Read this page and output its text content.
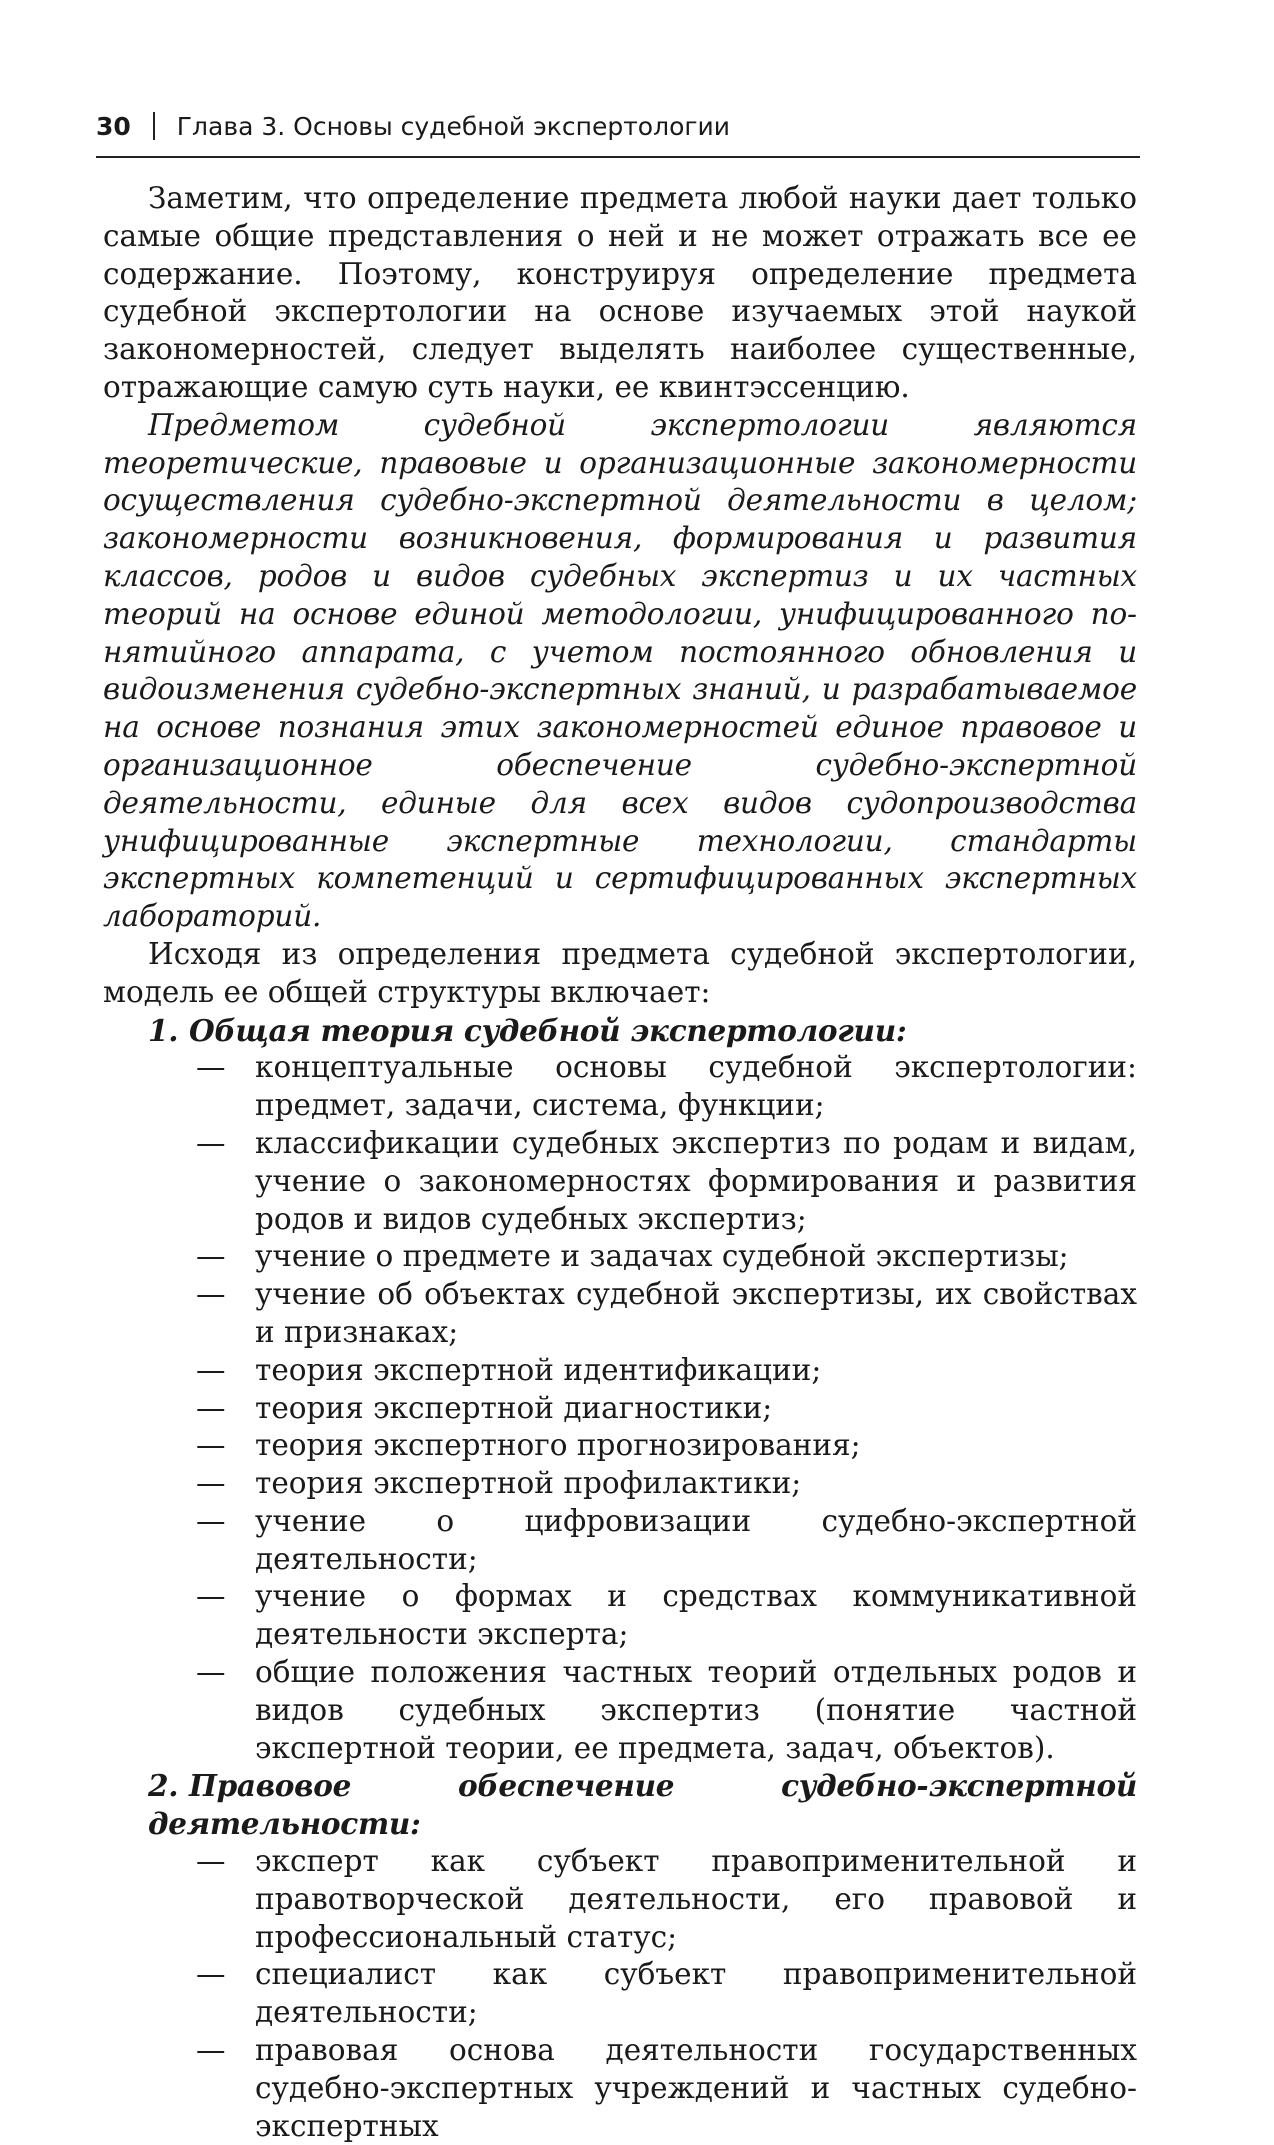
30 Глава 3. Основы судебной экспертологии

Заметим, что определение предмета любой науки дает только самые общие представления о ней и не может отражать все ее содержание. Поэтому, конструируя определение предмета судебной экспертологии на основе изучаемых этой наукой закономерностей, следует выделять наиболее существенные, отражающие самую суть науки, ее квинтэссенцию.

Предметом судебной экспертологии являются теоретические, правовые и организационные закономерности осуществления судебно-экспертной деятельности в целом; закономерности возникновения, формирования и развития классов, родов и видов судебных экспертиз и их частных теорий на основе единой методологии, унифицированного понятийного аппарата, с учетом постоянного обновления и видоизменения судебно-экспертных знаний, и разрабатываемое на основе познания этих закономерностей единое правовое и организационное обеспечение судебно-экспертной деятельности, единые для всех видов судопроизводства унифицированные экспертные технологии, стандарты экспертных компетенций и сертифицированных экспертных лабораторий.

Исходя из определения предмета судебной экспертологии, модель ее общей структуры включает:

1. Общая теория судебной экспертологии:
— концептуальные основы судебной экспертологии: предмет, задачи, система, функции;
— классификации судебных экспертиз по родам и видам, учение о закономерностях формирования и развития родов и видов судебных экспертиз;
— учение о предмете и задачах судебной экспертизы;
— учение об объектах судебной экспертизы, их свойствах и признаках;
— теория экспертной идентификации;
— теория экспертной диагностики;
— теория экспертного прогнозирования;
— теория экспертной профилактики;
— учение о цифровизации судебно-экспертной деятельности;
— учение о формах и средствах коммуникативной деятельности эксперта;
— общие положения частных теорий отдельных родов и видов судебных экспертиз (понятие частной экспертной теории, ее предмета, задач, объектов).
2. Правовое обеспечение судебно-экспертной деятельности:
— эксперт как субъект правоприменительной и правотворческой деятельности, его правовой и профессиональный статус;
— специалист как субъект правоприменительной деятельности;
— правовая основа деятельности государственных судебно-экспертных учреждений и частных судебно-экспертных
